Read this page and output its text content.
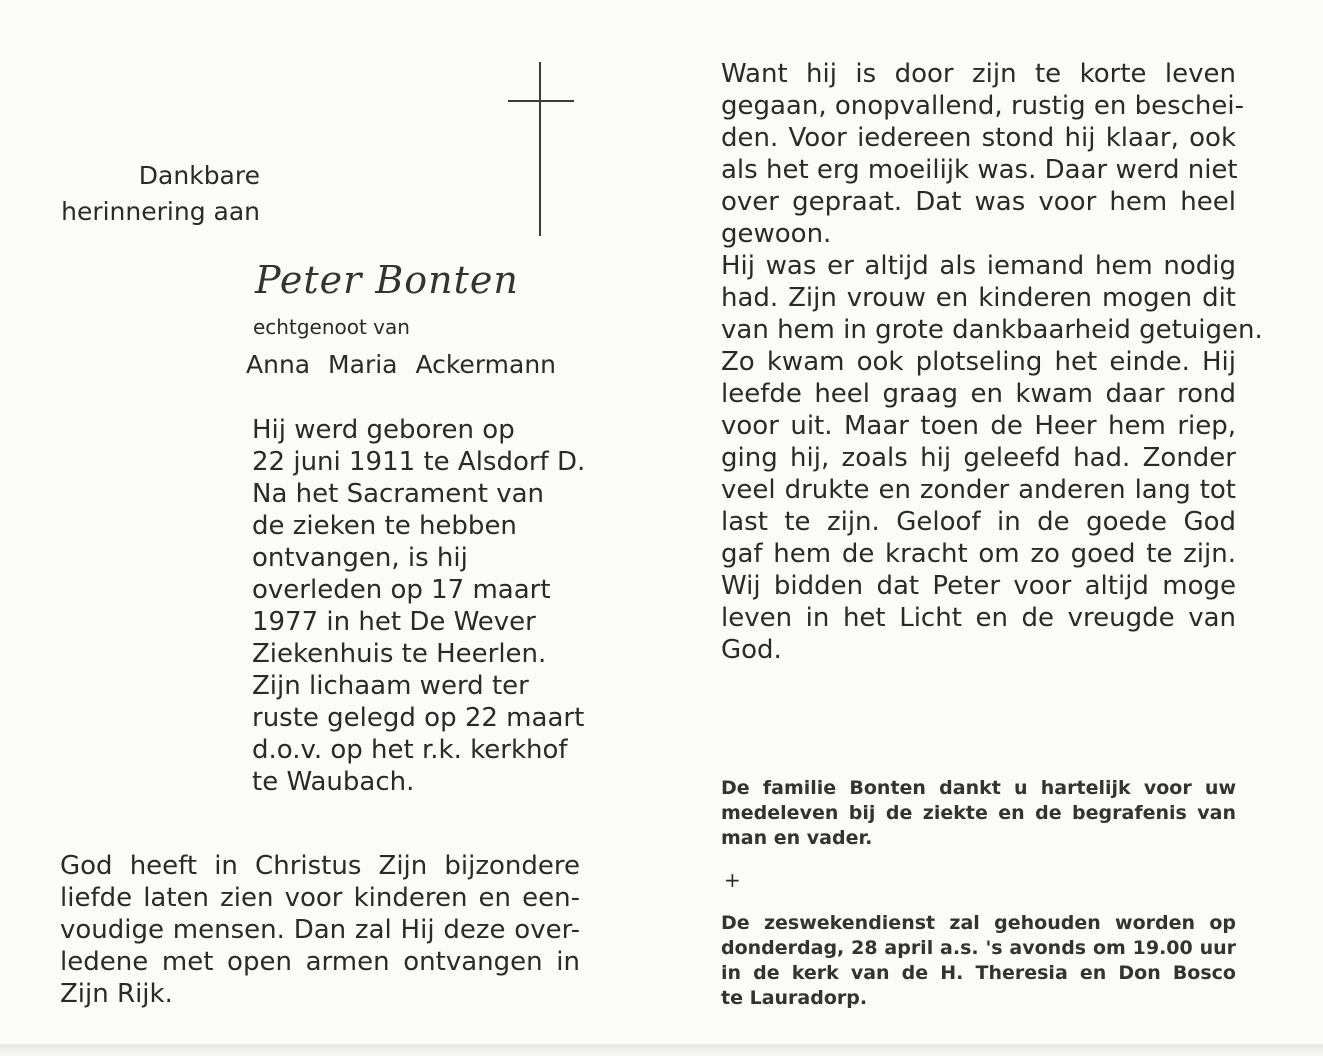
Dankbare
herinnering aan
Peter Bonten
echtgenoot van
Anna Maria Ackermann
Hij werd geboren op
22 juni 1911 te Alsdorf D.
Na het Sacrament van
de zieken te hebben
ontvangen, is hij
overleden op 17 maart
1977 in het De Wever
Ziekenhuis te Heerlen.
Zijn lichaam werd ter
ruste gelegd op 22 maart
d.o.v. op het r.k. kerkhof
te Waubach.
God heeft in Christus Zijn bijzondere
liefde laten zien voor kinderen en een-
voudige mensen. Dan zal Hij deze over-
ledene met open armen ontvangen in
Zijn Rijk.
Want hij is door zijn te korte leven
gegaan, onopvallend, rustig en beschei-
den. Voor iedereen stond hij klaar, ook
als het erg moeilijk was. Daar werd niet
over gepraat. Dat was voor hem heel
gewoon.
Hij was er altijd als iemand hem nodig
had. Zijn vrouw en kinderen mogen dit
van hem in grote dankbaarheid getuigen.
Zo kwam ook plotseling het einde. Hij
leefde heel graag en kwam daar rond
voor uit. Maar toen de Heer hem riep,
ging hij, zoals hij geleefd had. Zonder
veel drukte en zonder anderen lang tot
last te zijn. Geloof in de goede God
gaf hem de kracht om zo goed te zijn.
Wij bidden dat Peter voor altijd moge
leven in het Licht en de vreugde van
God.
De familie Bonten dankt u hartelijk voor uw
medeleven bij de ziekte en de begrafenis van
man en vader.
+
De zeswekendienst zal gehouden worden op
donderdag, 28 april a.s. 's avonds om 19.00 uur
in de kerk van de H. Theresia en Don Bosco
te Lauradorp.
